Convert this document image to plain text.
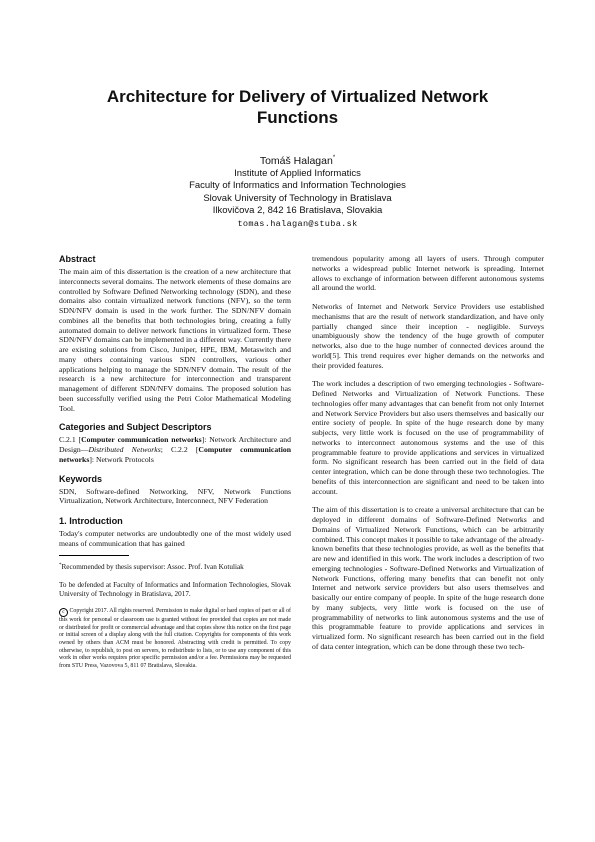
Architecture for Delivery of Virtualized Network Functions
Tomáš Halagan*
Institute of Applied Informatics
Faculty of Informatics and Information Technologies
Slovak University of Technology in Bratislava
Ilkovičova 2, 842 16 Bratislava, Slovakia
tomas.halagan@stuba.sk
Abstract

The main aim of this dissertation is the creation of a new architecture that interconnects several domains. The network elements of these domains are controlled by Software Defined Networking technology (SDN), and these domains also contain virtualized network functions (NFV), so the term SDN/NFV domain is used in the work further. The SDN/NFV domain combines all the benefits that both technologies bring, creating a fully automated domain to deliver network functions in virtualized form. These SDN/NFV domains can be implemented in a different way. Currently there are existing solutions from Cisco, Juniper, HPE, IBM, Metaswitch and many others containing various SDN controllers, various other applications helping to manage the SDN/NFV domain. The result of the research is a new architecture for interconnection and transparent management of different SDN/NFV domains. The proposed solution has been successfully verified using the Petri Color Mathematical Modeling Tool.

Categories and Subject Descriptors

C.2.1 [Computer communication networks]: Network Architecture and Design—Distributed Networks; C.2.2 [Computer communication networks]: Network Protocols

Keywords

SDN, Software-defined Networking, NFV, Network Functions Virtualization, Network Architecture, Interconnect, NFV Federation

1. Introduction

Today's computer networks are undoubtedly one of the most widely used means of communication that has gained

*Recommended by thesis supervisor: Assoc. Prof. Ivan Kotuliak

To be defended at Faculty of Informatics and Information Technologies, Slovak University of Technology in Bratislava, 2017.

c Copyright 2017. All rights reserved. Permission to make digital or hard copies of part or all of this work for personal or classroom use is granted without fee provided that copies are not made or distributed for profit or commercial advantage and that copies show this notice on the first page or initial screen of a display along with the full citation. Copyrights for components of this work owned by others than ACM must be honored. Abstracting with credit is permitted. To copy otherwise, to republish, to post on servers, to redistribute to lists, or to use any component of this work in other works requires prior specific permission and/or a fee. Permissions may be requested from STU Press, Vazovova 5, 811 07 Bratislava, Slovakia.

tremendous popularity among all layers of users. Through computer networks a widespread public Internet network is spreading. Internet allows to exchange of information between different autonomous systems all around the world.

Networks of Internet and Network Service Providers use established mechanisms that are the result of network standardization, and have only partially changed since their inception - negligible. Surveys unambiguously show the tendency of the huge growth of computer networks, also due to the huge number of connected devices around the world[5]. This trend requires ever higher demands on the networks and their provided features.

The work includes a description of two emerging technologies - Software-Defined Networks and Virtualization of Network Functions. These technologies offer many advantages that can benefit from not only Internet and Network Service Providers but also users themselves and basically our entire society of people. In spite of the huge research done by many subjects, very little work is focused on the use of programmability of networks to interconnect autonomous systems and the use of this programmable feature to provide applications and services in virtualized form. No significant research has been carried out in the field of data center integration, which can be done through these two technologies. The benefits of this interconnection are significant and need to be taken into account.

The aim of this dissertation is to create a universal architecture that can be deployed in different domains of Software-Defined Networks and Domains of Virtualized Network Functions, which can be arbitrarily combined. This concept makes it possible to take advantage of the already-known benefits that these technologies provide, as well as the benefits that are new and identified in this work. The work includes a description of two emerging technologies - Software-Defined Networks and Virtualization of Network Functions, offering many benefits that can benefit not only Internet and network service providers but also users themselves and basically our entire company of people. In spite of the huge research done by many subjects, very little work is focused on the use of programmability of networks to link autonomous systems and the use of this programmable feature to provide applications and services in virtualized form. No significant research has been carried out in the field of data center integration, which can be done through these two tech-
